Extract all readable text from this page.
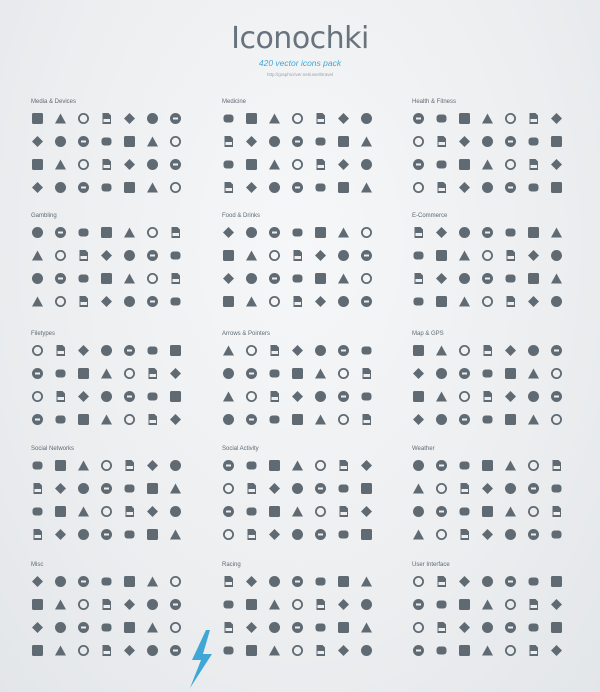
Iconochki
420 vector icons pack
http://graphicriver.net/user/Bravel
Media & Devices	Medicine	Health & Fitness
Gambling	Food & Drinks	E-Commerce
Filetypes	Arrows & Pointers	Map & GPS
Social Networks	Social Activity	Weather
Misc	Racing	User Interface
